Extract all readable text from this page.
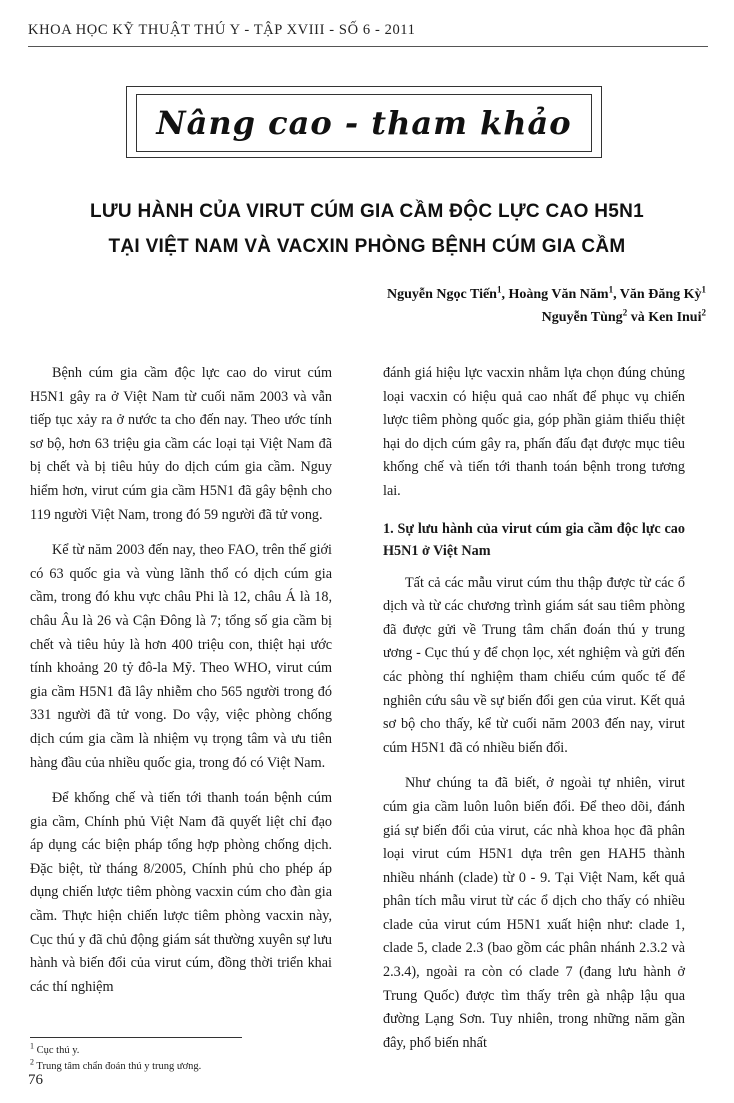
KHOA HỌC KỸ THUẬT THÚ Y - TẬP XVIII - SỐ 6 - 2011
Nâng cao - tham khảo
LƯU HÀNH CỦA VIRUT CÚM GIA CẦM ĐỘC LỰC CAO H5N1
TẠI VIỆT NAM VÀ VACXIN PHÒNG BỆNH CÚM GIA CẦM
Nguyễn Ngọc Tiến$^1$, Hoàng Văn Năm$^1$, Văn Đăng Kỳ$^1$
Nguyễn Tùng$^2$ và Ken Inui$^2$

Bệnh cúm gia cầm độc lực cao do virut cúm H5N1 gây ra ở Việt Nam từ cuối năm 2003 và vẫn tiếp tục xảy ra ở nước ta cho đến nay. Theo ước tính sơ bộ, hơn 63 triệu gia cầm các loại tại Việt Nam đã bị chết và bị tiêu hủy do dịch cúm gia cầm. Nguy hiểm hơn, virut cúm gia cầm H5N1 đã gây bệnh cho 119 người Việt Nam, trong đó 59 người đã tử vong.

Kể từ năm 2003 đến nay, theo FAO, trên thế giới có 63 quốc gia và vùng lãnh thổ có dịch cúm gia cầm, trong đó khu vực châu Phi là 12, châu Á là 18, châu Âu là 26 và Cận Đông là 7; tổng số gia cầm bị chết và tiêu hủy là hơn 400 triệu con, thiệt hại ước tính khoảng 20 tỷ đô-la Mỹ. Theo WHO, virut cúm gia cầm H5N1 đã lây nhiễm cho 565 người trong đó 331 người đã tử vong. Do vậy, việc phòng chống dịch cúm gia cầm là nhiệm vụ trọng tâm và ưu tiên hàng đầu của nhiều quốc gia, trong đó có Việt Nam.

Để khống chế và tiến tới thanh toán bệnh cúm gia cầm, Chính phủ Việt Nam đã quyết liệt chỉ đạo áp dụng các biện pháp tổng hợp phòng chống dịch. Đặc biệt, từ tháng 8/2005, Chính phủ cho phép áp dụng chiến lược tiêm phòng vacxin cúm cho đàn gia cầm. Thực hiện chiến lược tiêm phòng vacxin này, Cục thú y đã chủ động giám sát thường xuyên sự lưu hành và biến đổi của virut cúm, đồng thời triển khai các thí nghiệm

đánh giá hiệu lực vacxin nhằm lựa chọn đúng chủng loại vacxin có hiệu quả cao nhất để phục vụ chiến lược tiêm phòng quốc gia, góp phần giảm thiểu thiệt hại do dịch cúm gây ra, phấn đấu đạt được mục tiêu khống chế và tiến tới thanh toán bệnh trong tương lai.

1. Sự lưu hành của virut cúm gia cầm độc lực cao H5N1 ở Việt Nam

Tất cả các mẫu virut cúm thu thập được từ các ổ dịch và từ các chương trình giám sát sau tiêm phòng đã được gửi về Trung tâm chẩn đoán thú y trung ương - Cục thú y để chọn lọc, xét nghiệm và gửi đến các phòng thí nghiệm tham chiếu cúm quốc tế để nghiên cứu sâu về sự biến đổi gen của virut. Kết quả sơ bộ cho thấy, kể từ cuối năm 2003 đến nay, virut cúm H5N1 đã có nhiều biến đổi.

Như chúng ta đã biết, ở ngoài tự nhiên, virut cúm gia cầm luôn luôn biến đổi. Để theo dõi, đánh giá sự biến đổi của virut, các nhà khoa học đã phân loại virut cúm H5N1 dựa trên gen HAH5 thành nhiều nhánh (clade) từ 0 - 9. Tại Việt Nam, kết quả phân tích mẫu virut từ các ổ dịch cho thấy có nhiều clade của virut cúm H5N1 xuất hiện như: clade 1, clade 5, clade 2.3 (bao gồm các phân nhánh 2.3.2 và 2.3.4), ngoài ra còn có clade 7 (đang lưu hành ở Trung Quốc) được tìm thấy trên gà nhập lậu qua đường Lạng Sơn. Tuy nhiên, trong những năm gần đây, phổ biến nhất

$^1$ Cục thú y.
$^2$ Trung tâm chẩn đoán thú y trung ương.
76
